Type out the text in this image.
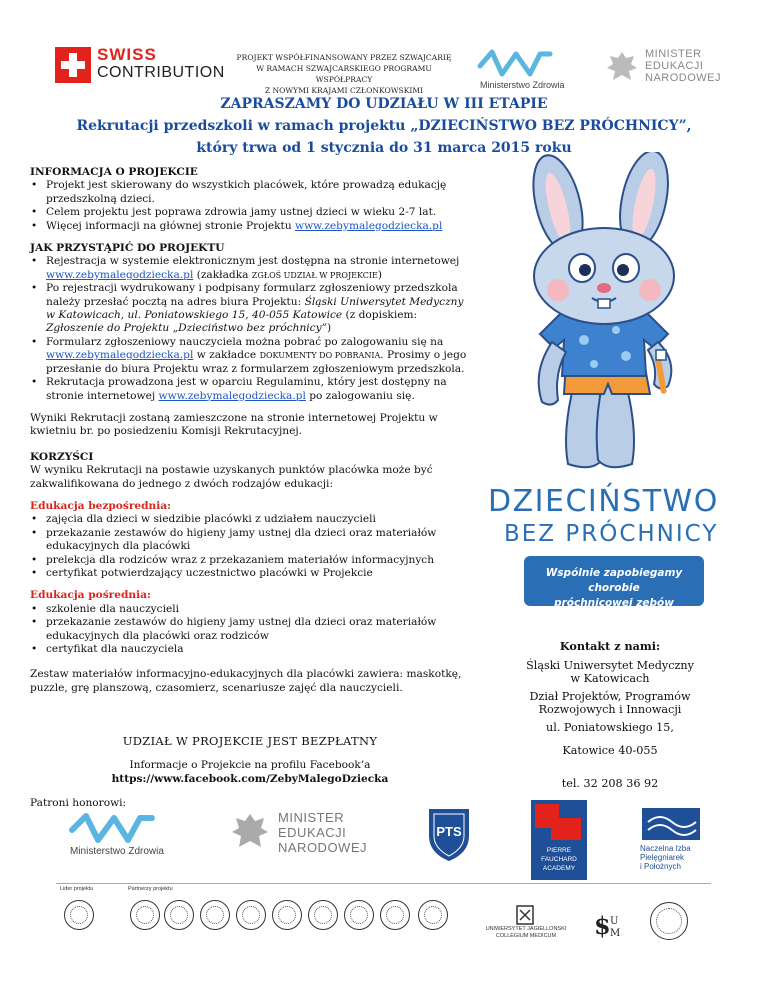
SWISS
CONTRIBUTION
PROJEKT WSPÓŁFINANSOWANY PRZEZ SZWAJCARIĘ
W RAMACH SZWAJCARSKIEGO PROGRAMU WSPÓŁPRACY
Z NOWYMI KRAJAMI CZŁONKOWSKIMI
Ministerstwo Zdrowia
MINISTER
EDUKACJI
NARODOWEJ
ZAPRASZAMY DO UDZIAŁU W III ETAPIE
Rekrutacji przedszkoli w ramach projektu „DZIECIŃSTWO BEZ PRÓCHNICY”,
który trwa od 1 stycznia do 31 marca 2015 roku

INFORMACJA O PROJEKCIE

• Projekt jest skierowany do wszystkich placówek, które prowadzą edukację przedszkolną dzieci.
• Celem projektu jest poprawa zdrowia jamy ustnej dzieci w wieku 2-7 lat.
• Więcej informacji na głównej stronie Projektu www.zebymalegodziecka.pl

JAK PRZYSTĄPIĆ DO PROJEKTU

• Rejestracja w systemie elektronicznym jest dostępna na stronie internetowej www.zebymalegodziecka.pl (zakładka ZGŁOŚ UDZIAŁ W PROJEKCIE)
• Po rejestracji wydrukowany i podpisany formularz zgłoszeniowy przedszkola należy przesłać pocztą na adres biura Projektu: Śląski Uniwersytet Medyczny w Katowicach, ul. Poniatowskiego 15, 40-055 Katowice (z dopiskiem: Zgłoszenie do Projektu „Dzieciństwo bez próchnicy”)
• Formularz zgłoszeniowy nauczyciela można pobrać po zalogowaniu się na www.zebymalegodziecka.pl w zakładce DOKUMENTY DO POBRANIA. Prosimy o jego przesłanie do biura Projektu wraz z formularzem zgłoszeniowym przedszkola.
• Rekrutacja prowadzona jest w oparciu Regulaminu, który jest dostępny na stronie internetowej www.zebymalegodziecka.pl po zalogowaniu się.

Wyniki Rekrutacji zostaną zamieszczone na stronie internetowej Projektu w kwietniu br. po posiedzeniu Komisji Rekrutacyjnej.

KORZYŚCI

W wyniku Rekrutacji na postawie uzyskanych punktów placówka może być zakwalifikowana do jednego z dwóch rodzajów edukacji:

Edukacja bezpośrednia:

• zajęcia dla dzieci w siedzibie placówki z udziałem nauczycieli
• przekazanie zestawów do higieny jamy ustnej dla dzieci oraz materiałów edukacyjnych dla placówki
• prelekcja dla rodziców wraz z przekazaniem materiałów informacyjnych
• certyfikat potwierdzający uczestnictwo placówki w Projekcie

Edukacja pośrednia:

• szkolenie dla nauczycieli
• przekazanie zestawów do higieny jamy ustnej dla dzieci oraz materiałów edukacyjnych dla placówki oraz rodziców
• certyfikat dla nauczyciela

Zestaw materiałów informacyjno-edukacyjnych dla placówki zawiera: maskotkę, puzzle, grę planszową, czasomierz, scenariusze zajęć dla nauczycieli.

UDZIAŁ W PROJEKCIE JEST BEZPŁATNY
Informacje o Projekcie na profilu Facebook’a
https://www.facebook.com/ZebyMalegoDziecka
DZIECIŃSTWO
BEZ PRÓCHNICY
Wspólnie zapobiegamy chorobie
próchnicowej zębów
Kontakt z nami:
Śląski Uniwersytet Medyczny
w Katowicach
Dział Projektów, Programów
Rozwojowych i Innowacji
ul. Poniatowskiego 15,
Katowice 40-055
tel. 32 208 36 92
Patroni honorowi:
Ministerstwo Zdrowia
MINISTER
EDUKACJI
NARODOWEJ
PTS
PIERRE
FAUCHARD
ACADEMY
Naczelna Izba
Pielęgniarek
i Położnych
Lider projektu	Partnerzy projektu
UNIWERSYTET JAGIELLOŃSKI
COLLEGIUM MEDICUM	$ U
M
